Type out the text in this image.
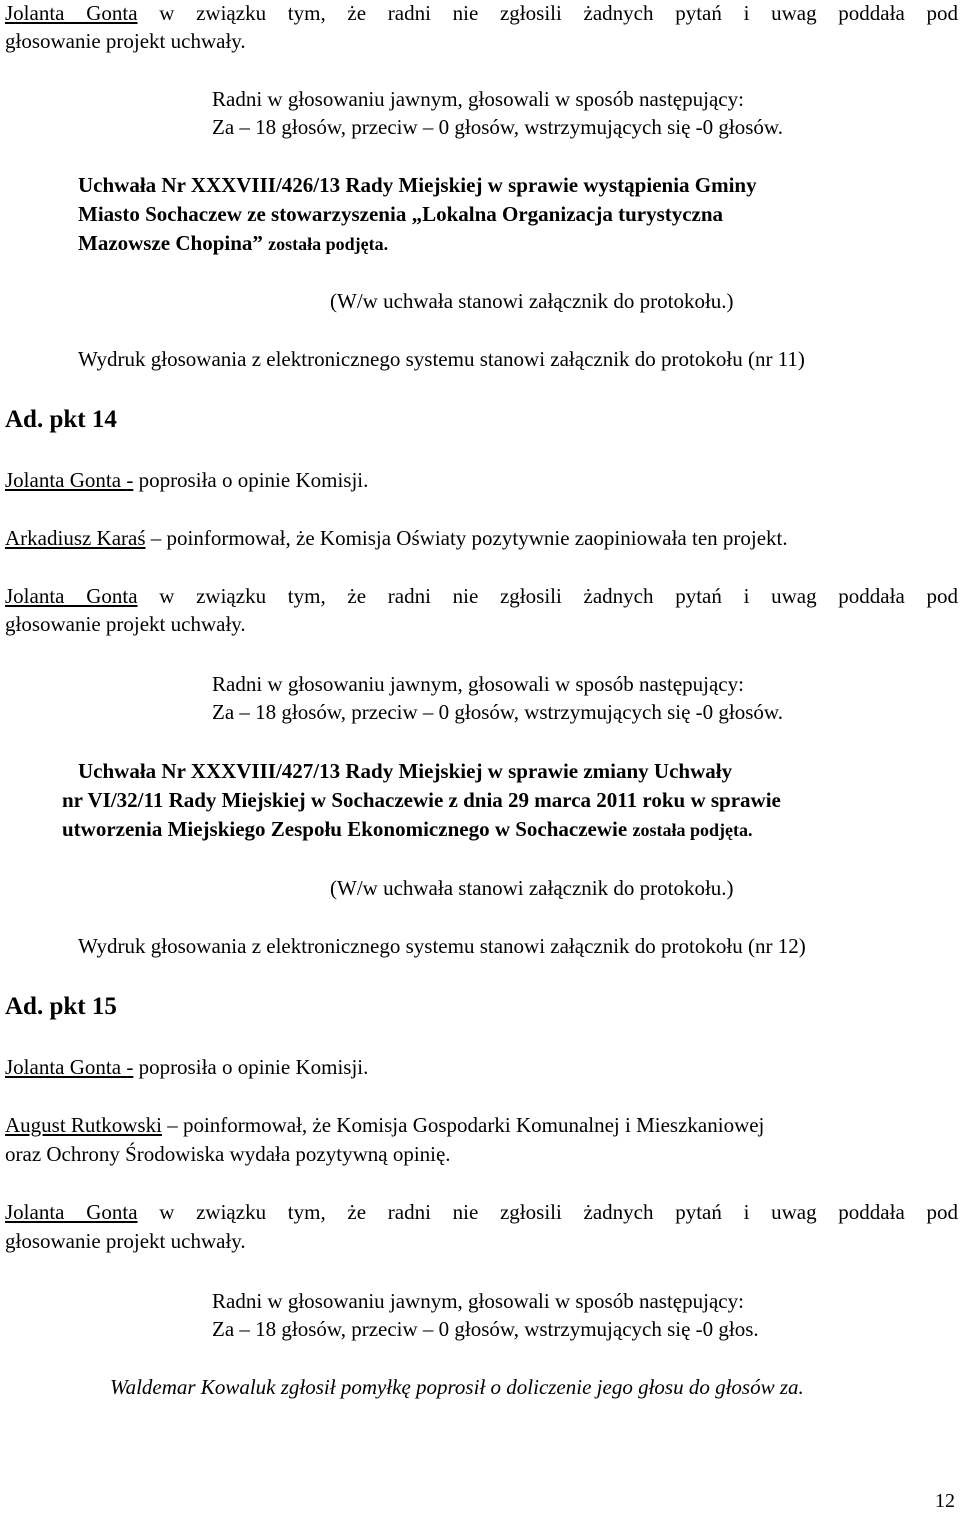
Jolanta Gonta w związku tym, że radni nie zgłosili żadnych pytań i uwag poddała pod
głosowanie projekt uchwały.
Radni w głosowaniu jawnym, głosowali w sposób następujący:
Za – 18 głosów, przeciw – 0 głosów, wstrzymujących się -0 głosów.
Uchwała Nr XXXVIII/426/13 Rady Miejskiej w sprawie wystąpienia Gminy
Miasto Sochaczew ze stowarzyszenia „Lokalna Organizacja turystyczna
Mazowsze Chopina” została podjęta.
(W/w uchwała stanowi załącznik do protokołu.)
Wydruk głosowania z elektronicznego systemu stanowi załącznik do protokołu (nr 11)
Ad. pkt 14
Jolanta Gonta - poprosiła o opinie Komisji.
Arkadiusz Karaś – poinformował, że Komisja Oświaty pozytywnie zaopiniowała ten projekt.
Jolanta Gonta w związku tym, że radni nie zgłosili żadnych pytań i uwag poddała pod
głosowanie projekt uchwały.
Radni w głosowaniu jawnym, głosowali w sposób następujący:
Za – 18 głosów, przeciw – 0 głosów, wstrzymujących się -0 głosów.
Uchwała Nr XXXVIII/427/13 Rady Miejskiej w sprawie zmiany Uchwały
nr VI/32/11 Rady Miejskiej w Sochaczewie z dnia 29 marca 2011 roku w sprawie
utworzenia Miejskiego Zespołu Ekonomicznego w Sochaczewie została podjęta.
(W/w uchwała stanowi załącznik do protokołu.)
Wydruk głosowania z elektronicznego systemu stanowi załącznik do protokołu (nr 12)
Ad. pkt 15
Jolanta Gonta - poprosiła o opinie Komisji.
August Rutkowski – poinformował, że Komisja Gospodarki Komunalnej i Mieszkaniowej
oraz Ochrony Środowiska wydała pozytywną opinię.
Jolanta Gonta w związku tym, że radni nie zgłosili żadnych pytań i uwag poddała pod
głosowanie projekt uchwały.
Radni w głosowaniu jawnym, głosowali w sposób następujący:
Za – 18 głosów, przeciw – 0 głosów, wstrzymujących się -0 głos.
Waldemar Kowaluk zgłosił pomyłkę poprosił o doliczenie jego głosu do głosów za.
12
